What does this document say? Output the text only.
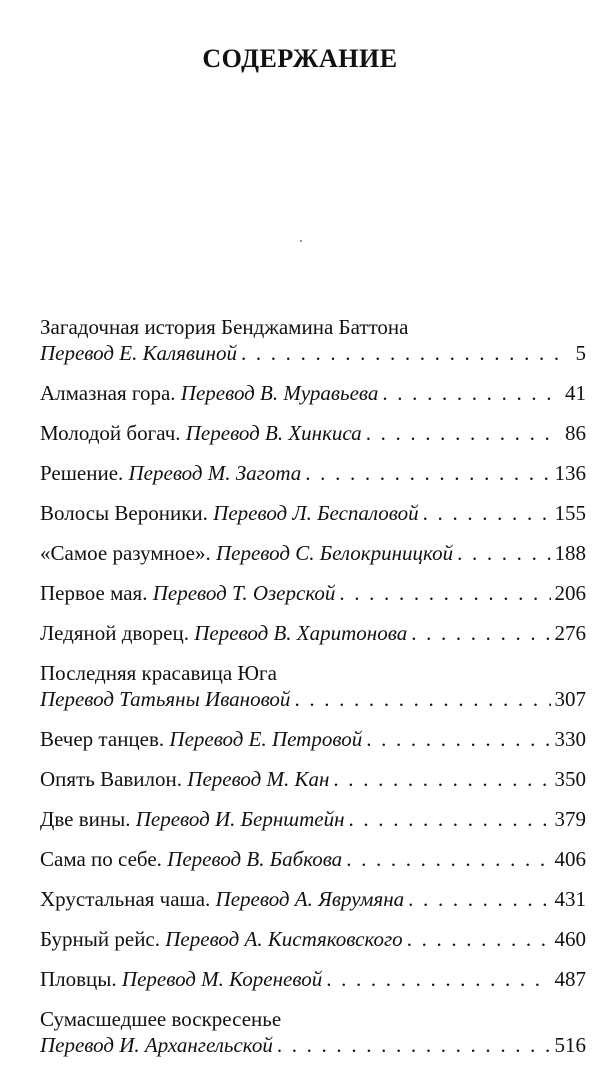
СОДЕРЖАНИЕ
Загадочная история Бенджамина Баттона
Перевод Е. Калявиной . . .	5
Алмазная гора. Перевод В. Муравьева . . .	41
Молодой богач. Перевод В. Хинкиса . . .	86
Решение. Перевод М. Загота . . .	136
Волосы Вероники. Перевод Л. Беспаловой . . .	155
«Самое разумное». Перевод С. Белокриницкой . . .	188
Первое мая. Перевод Т. Озерской . . .	206
Ледяной дворец. Перевод В. Харитонова . . .	276
Последняя красавица Юга
Перевод Татьяны Ивановой . . .	307
Вечер танцев. Перевод Е. Петровой . . .	330
Опять Вавилон. Перевод М. Кан . . .	350
Две вины. Перевод И. Бернштейн . . .	379
Сама по себе. Перевод В. Бабкова . . .	406
Хрустальная чаша. Перевод А. Яврумяна . . .	431
Бурный рейс. Перевод А. Кистяковского . . .	460
Пловцы. Перевод М. Кореневой . . .	487
Сумасшедшее воскресенье
Перевод И. Архангельской . . .	516
